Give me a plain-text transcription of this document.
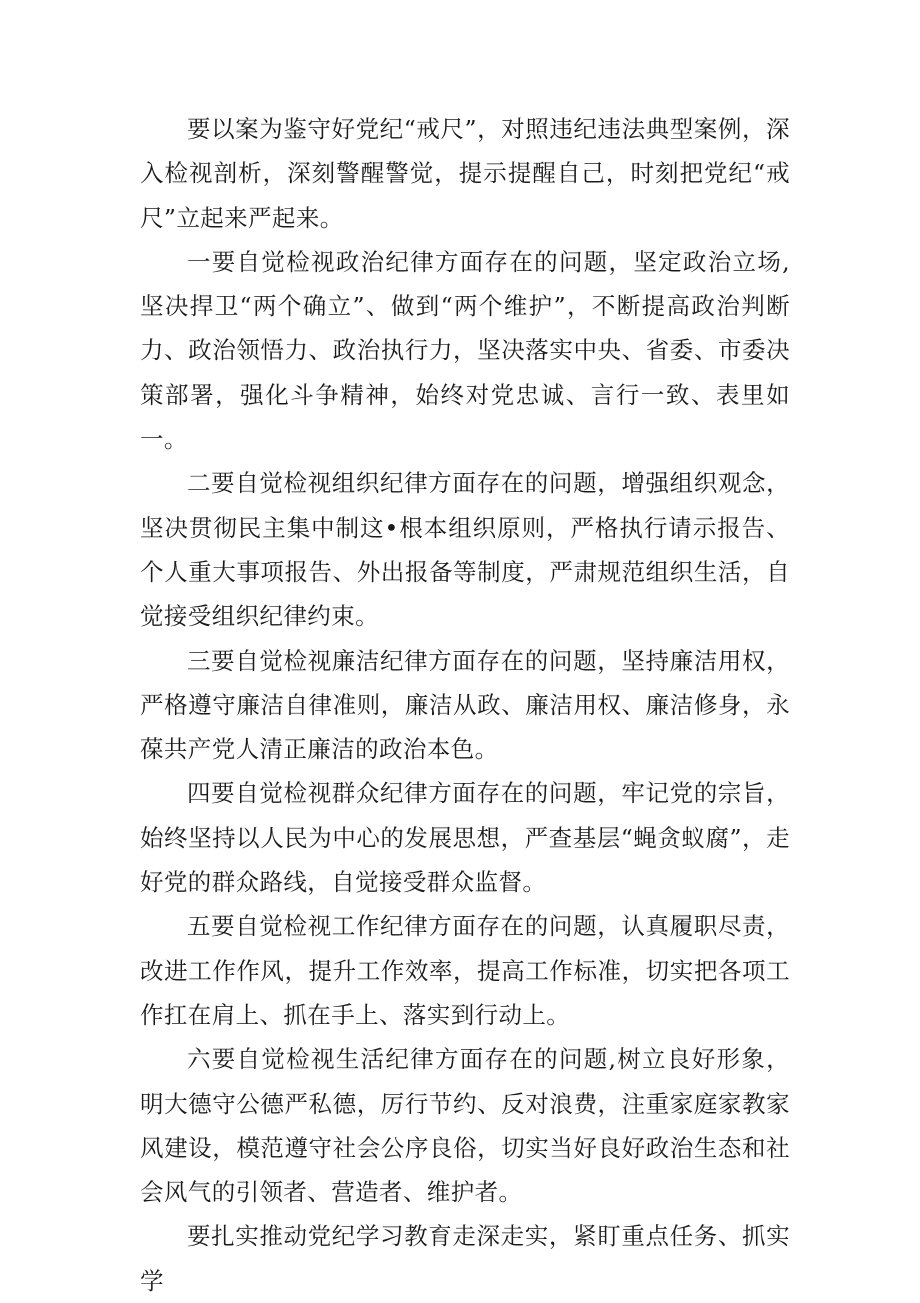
要以案为鉴守好党纪“戒尺”，对照违纪违法典型案例，深入检视剖析，深刻警醒警觉，提示提醒自己，时刻把党纪“戒尺”立起来严起来。

一要自觉检视政治纪律方面存在的问题，坚定政治立场,坚决捍卫“两个确立”、做到“两个维护”，不断提高政治判断力、政治领悟力、政治执行力，坚决落实中央、省委、市委决策部署，强化斗争精神，始终对党忠诚、言行一致、表里如一。

二要自觉检视组织纪律方面存在的问题，增强组织观念，坚决贯彻民主集中制这•根本组织原则，严格执行请示报告、个人重大事项报告、外出报备等制度，严肃规范组织生活，自觉接受组织纪律约束。

三要自觉检视廉洁纪律方面存在的问题，坚持廉洁用权，严格遵守廉洁自律准则，廉洁从政、廉洁用权、廉洁修身，永葆共产党人清正廉洁的政治本色。

四要自觉检视群众纪律方面存在的问题，牢记党的宗旨，始终坚持以人民为中心的发展思想，严查基层“蝇贪蚁腐”，走好党的群众路线，自觉接受群众监督。

五要自觉检视工作纪律方面存在的问题，认真履职尽责，改进工作作风，提升工作效率，提高工作标准，切实把各项工作扛在肩上、抓在手上、落实到行动上。

六要自觉检视生活纪律方面存在的问题,树立良好形象，明大德守公德严私德，厉行节约、反对浪费，注重家庭家教家风建设，模范遵守社会公序良俗，切实当好良好政治生态和社会风气的引领者、营造者、维护者。

要扎实推动党纪学习教育走深走实，紧盯重点任务、抓实学
